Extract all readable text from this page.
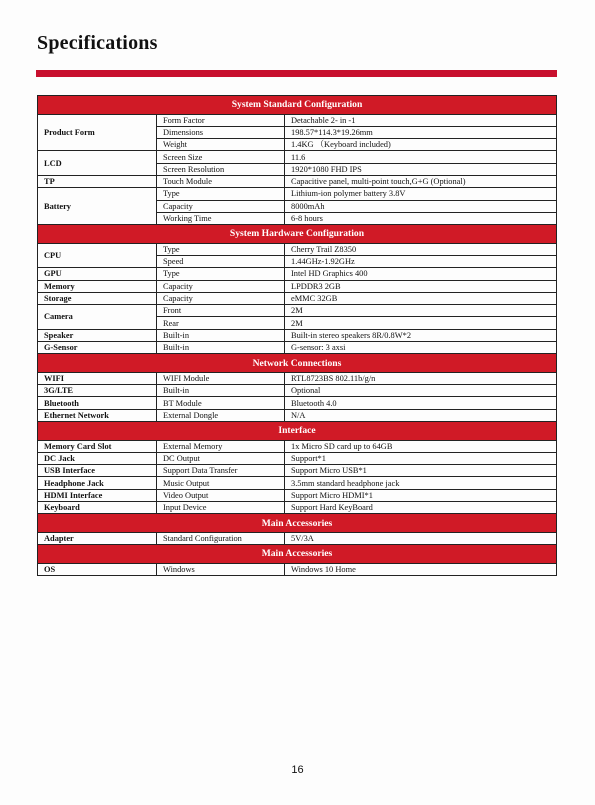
Specifications
System Standard Configuration		
Product Form	Form Factor	Detachable 2- in -1
	Dimensions	198.57*114.3*19.26mm
	Weight	1.4KG （Keyboard included)
LCD	Screen Size	11.6
	Screen Resolution	1920*1080 FHD IPS
TP	Touch Module	Capacitive panel, multi-point touch,G+G (Optional)
Battery	Type	Lithium-ion polymer battery 3.8V
	Capacity	8000mAh
	Working Time	6-8 hours
System Hardware Configuration		
CPU	Type	Cherry Trail Z8350
	Speed	1.44GHz-1.92GHz
GPU	Type	Intel HD Graphics 400
Memory	Capacity	LPDDR3 2GB
Storage	Capacity	eMMC 32GB
Camera	Front	2M
	Rear	2M
Speaker	Built-in	Built-in stereo speakers 8R/0.8W*2
G-Sensor	Built-in	G-sensor: 3 axsi
Network Connections		
WIFI	WIFI Module	RTL8723BS 802.11b/g/n
3G/LTE	Built-in	Optional
Bluetooth	BT Module	Bluetooth 4.0
Ethernet Network	External Dongle	N/A
Interface		
Memory Card Slot	External Memory	1x Micro SD card up to 64GB
DC Jack	DC Output	Support*1
USB Interface	Support Data Transfer	Support Micro USB*1
Headphone Jack	Music Output	3.5mm standard headphone jack
HDMI Interface	Video Output	Support Micro HDMI*1
Keyboard	Input Device	Support Hard KeyBoard
Main Accessories		
Adapter	Standard Configuration	5V/3A
Main Accessories		
OS	Windows	Windows 10 Home
16
